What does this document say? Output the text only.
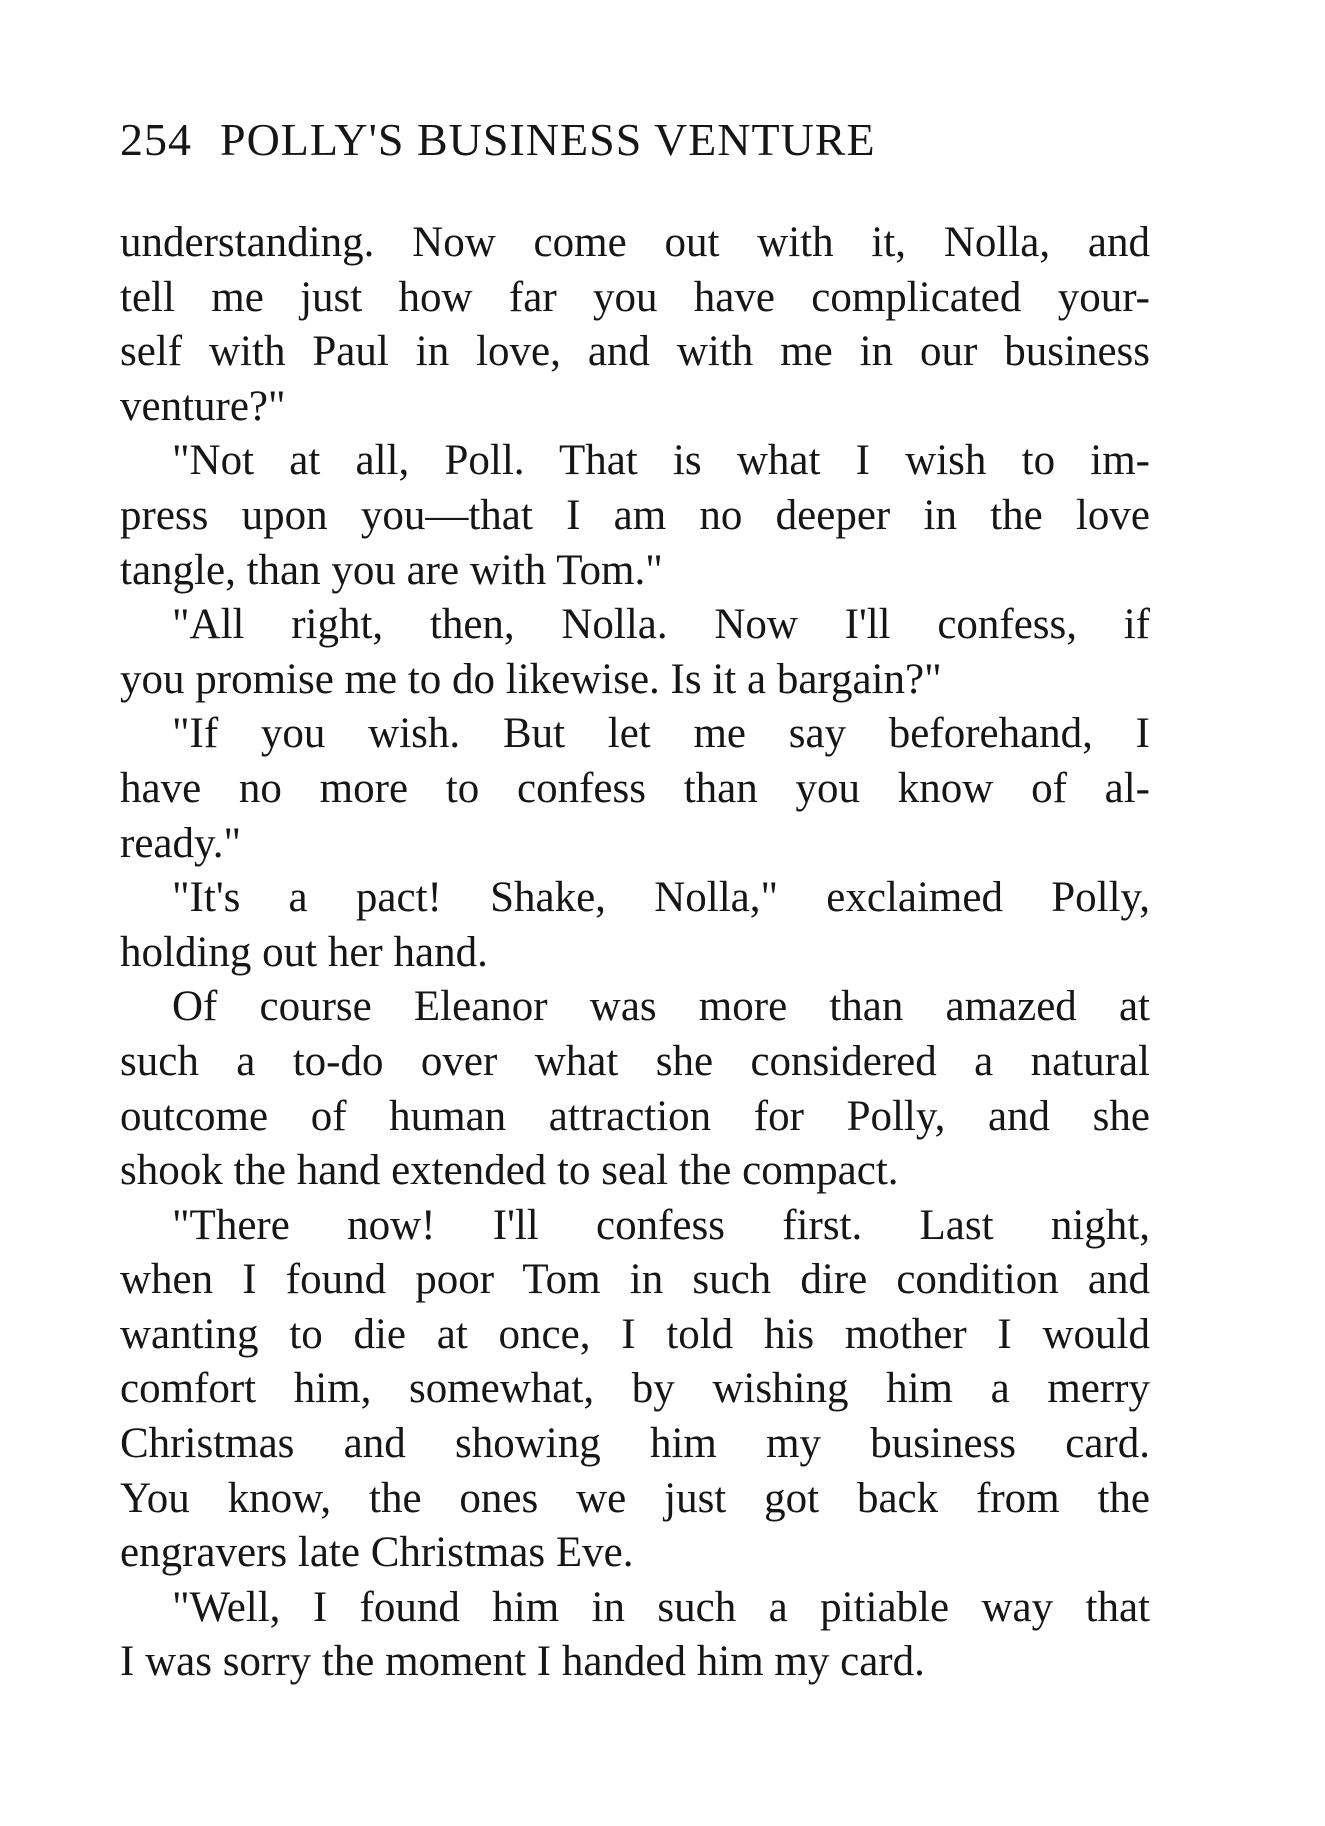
254 POLLY'S BUSINESS VENTURE
understanding. Now come out with it, Nolla, and
tell me just how far you have complicated your-
self with Paul in love, and with me in our business
venture?"
"Not at all, Poll. That is what I wish to im-
press upon you—that I am no deeper in the love
tangle, than you are with Tom."
"All right, then, Nolla. Now I'll confess, if
you promise me to do likewise. Is it a bargain?"
"If you wish. But let me say beforehand, I
have no more to confess than you know of al-
ready."
"It's a pact! Shake, Nolla," exclaimed Polly,
holding out her hand.
Of course Eleanor was more than amazed at
such a to-do over what she considered a natural
outcome of human attraction for Polly, and she
shook the hand extended to seal the compact.
"There now! I'll confess first. Last night,
when I found poor Tom in such dire condition and
wanting to die at once, I told his mother I would
comfort him, somewhat, by wishing him a merry
Christmas and showing him my business card.
You know, the ones we just got back from the
engravers late Christmas Eve.
"Well, I found him in such a pitiable way that
I was sorry the moment I handed him my card.
